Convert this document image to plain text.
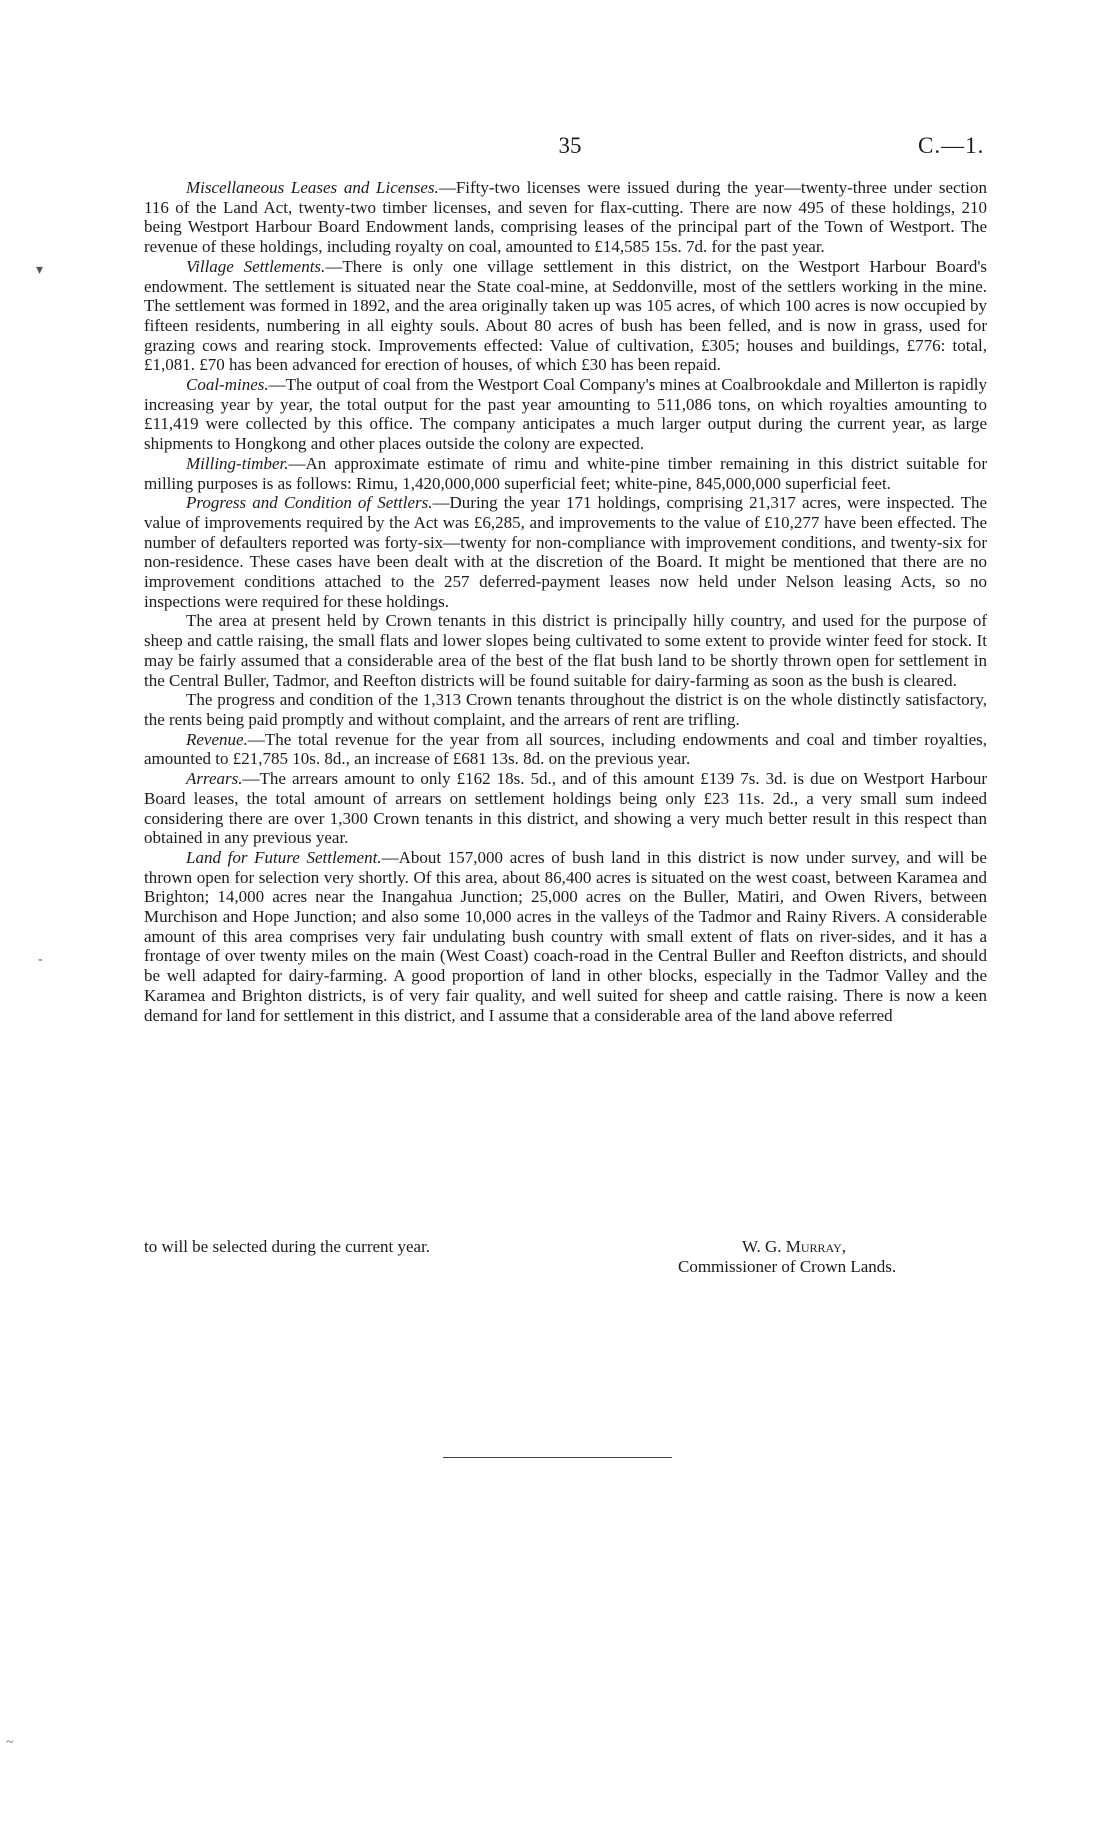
35	C.—1.

Miscellaneous Leases and Licenses.—Fifty-two licenses were issued during the year—twenty-three under section 116 of the Land Act, twenty-two timber licenses, and seven for flax-cutting. There are now 495 of these holdings, 210 being Westport Harbour Board Endowment lands, comprising leases of the principal part of the Town of Westport. The revenue of these holdings, including royalty on coal, amounted to £14,585 15s. 7d. for the past year.

Village Settlements.—There is only one village settlement in this district, on the Westport Harbour Board's endowment. The settlement is situated near the State coal-mine, at Seddonville, most of the settlers working in the mine. The settlement was formed in 1892, and the area originally taken up was 105 acres, of which 100 acres is now occupied by fifteen residents, numbering in all eighty souls. About 80 acres of bush has been felled, and is now in grass, used for grazing cows and rearing stock. Improvements effected: Value of cultivation, £305; houses and buildings, £776: total, £1,081. £70 has been advanced for erection of houses, of which £30 has been repaid.

Coal-mines.—The output of coal from the Westport Coal Company's mines at Coalbrookdale and Millerton is rapidly increasing year by year, the total output for the past year amounting to 511,086 tons, on which royalties amounting to £11,419 were collected by this office. The company anticipates a much larger output during the current year, as large shipments to Hongkong and other places outside the colony are expected.

Milling-timber.—An approximate estimate of rimu and white-pine timber remaining in this district suitable for milling purposes is as follows: Rimu, 1,420,000,000 superficial feet; white-pine, 845,000,000 superficial feet.

Progress and Condition of Settlers.—During the year 171 holdings, comprising 21,317 acres, were inspected. The value of improvements required by the Act was £6,285, and improvements to the value of £10,277 have been effected. The number of defaulters reported was forty-six—twenty for non-compliance with improvement conditions, and twenty-six for non-residence. These cases have been dealt with at the discretion of the Board. It might be mentioned that there are no improvement conditions attached to the 257 deferred-payment leases now held under Nelson leasing Acts, so no inspections were required for these holdings.

The area at present held by Crown tenants in this district is principally hilly country, and used for the purpose of sheep and cattle raising, the small flats and lower slopes being cultivated to some extent to provide winter feed for stock. It may be fairly assumed that a considerable area of the best of the flat bush land to be shortly thrown open for settlement in the Central Buller, Tadmor, and Reefton districts will be found suitable for dairy-farming as soon as the bush is cleared.

The progress and condition of the 1,313 Crown tenants throughout the district is on the whole distinctly satisfactory, the rents being paid promptly and without complaint, and the arrears of rent are trifling.

Revenue.—The total revenue for the year from all sources, including endowments and coal and timber royalties, amounted to £21,785 10s. 8d., an increase of £681 13s. 8d. on the previous year.

Arrears.—The arrears amount to only £162 18s. 5d., and of this amount £139 7s. 3d. is due on Westport Harbour Board leases, the total amount of arrears on settlement holdings being only £23 11s. 2d., a very small sum indeed considering there are over 1,300 Crown tenants in this district, and showing a very much better result in this respect than obtained in any previous year.

Land for Future Settlement.—About 157,000 acres of bush land in this district is now under survey, and will be thrown open for selection very shortly. Of this area, about 86,400 acres is situated on the west coast, between Karamea and Brighton; 14,000 acres near the Inangahua Junction; 25,000 acres on the Buller, Matiri, and Owen Rivers, between Murchison and Hope Junction; and also some 10,000 acres in the valleys of the Tadmor and Rainy Rivers. A considerable amount of this area comprises very fair undulating bush country with small extent of flats on river-sides, and it has a frontage of over twenty miles on the main (West Coast) coach-road in the Central Buller and Reefton districts, and should be well adapted for dairy-farming. A good proportion of land in other blocks, especially in the Tadmor Valley and the Karamea and Brighton districts, is of very fair quality, and well suited for sheep and cattle raising. There is now a keen demand for land for settlement in this district, and I assume that a considerable area of the land above referred

to will be selected during the current year.	W. G. Murray,
Commissioner of Crown Lands.
▾
-
~
